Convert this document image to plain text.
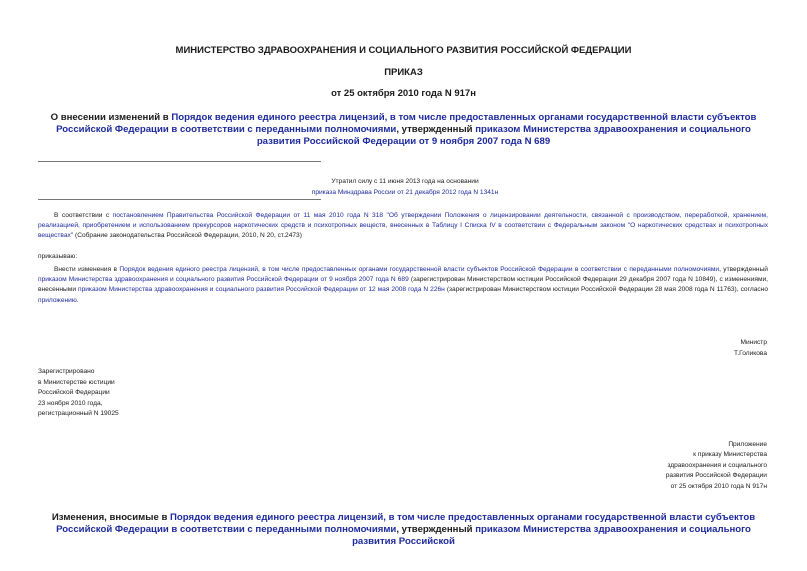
МИНИСТЕРСТВО ЗДРАВООХРАНЕНИЯ И СОЦИАЛЬНОГО РАЗВИТИЯ РОССИЙСКОЙ ФЕДЕРАЦИИ
ПРИКАЗ
от 25 октября 2010 года N 917н
О внесении изменений в Порядок ведения единого реестра лицензий, в том числе предоставленных органами государственной власти субъектов Российской Федерации в соответствии с переданными полномочиями, утвержденный приказом Министерства здравоохранения и социального развития Российской Федерации от 9 ноября 2007 года N 689
Утратил силу с 11 июня 2013 года на основании
приказа Минздрава России от 21 декабря 2012 года N 1341н
В соответствии с постановлением Правительства Российской Федерации от 11 мая 2010 года N 318 "Об утверждении Положения о лицензировании деятельности, связанной с производством, переработкой, хранением, реализацией, приобретением и использованием прекурсоров наркотических средств и психотропных веществ, внесенных в Таблицу I Списка IV в соответствии с Федеральным законом "О наркотических средствах и психотропных веществах" (Собрание законодательства Российской Федерации, 2010, N 20, ст.2473)
приказываю:
Внести изменения в Порядок ведения единого реестра лицензий, в том числе предоставленных органами государственной власти субъектов Российской Федерации в соответствии с переданными полномочиями, утвержденный приказом Министерства здравоохранения и социального развития Российской Федерации от 9 ноября 2007 года N 689 (зарегистрирован Министерством юстиции Российской Федерации 29 декабря 2007 года N 10849), с изменениями, внесенными приказом Министерства здравоохранения и социального развития Российской Федерации от 12 мая 2008 года N 226н (зарегистрирован Министерством юстиции Российской Федерации 28 мая 2008 года N 11763), согласно приложению.
Министр
Т.Голикова
Зарегистрировано
в Министерстве юстиции
Российской Федерации
23 ноября 2010 года,
регистрационный N 19025
Приложение
к приказу Министерства
здравоохранения и социального
развития Российской Федерации
от 25 октября 2010 года N 917н
Изменения, вносимые в Порядок ведения единого реестра лицензий, в том числе предоставленных органами государственной власти субъектов Российской Федерации в соответствии с переданными полномочиями, утвержденный приказом Министерства здравоохранения и социального развития Российской
